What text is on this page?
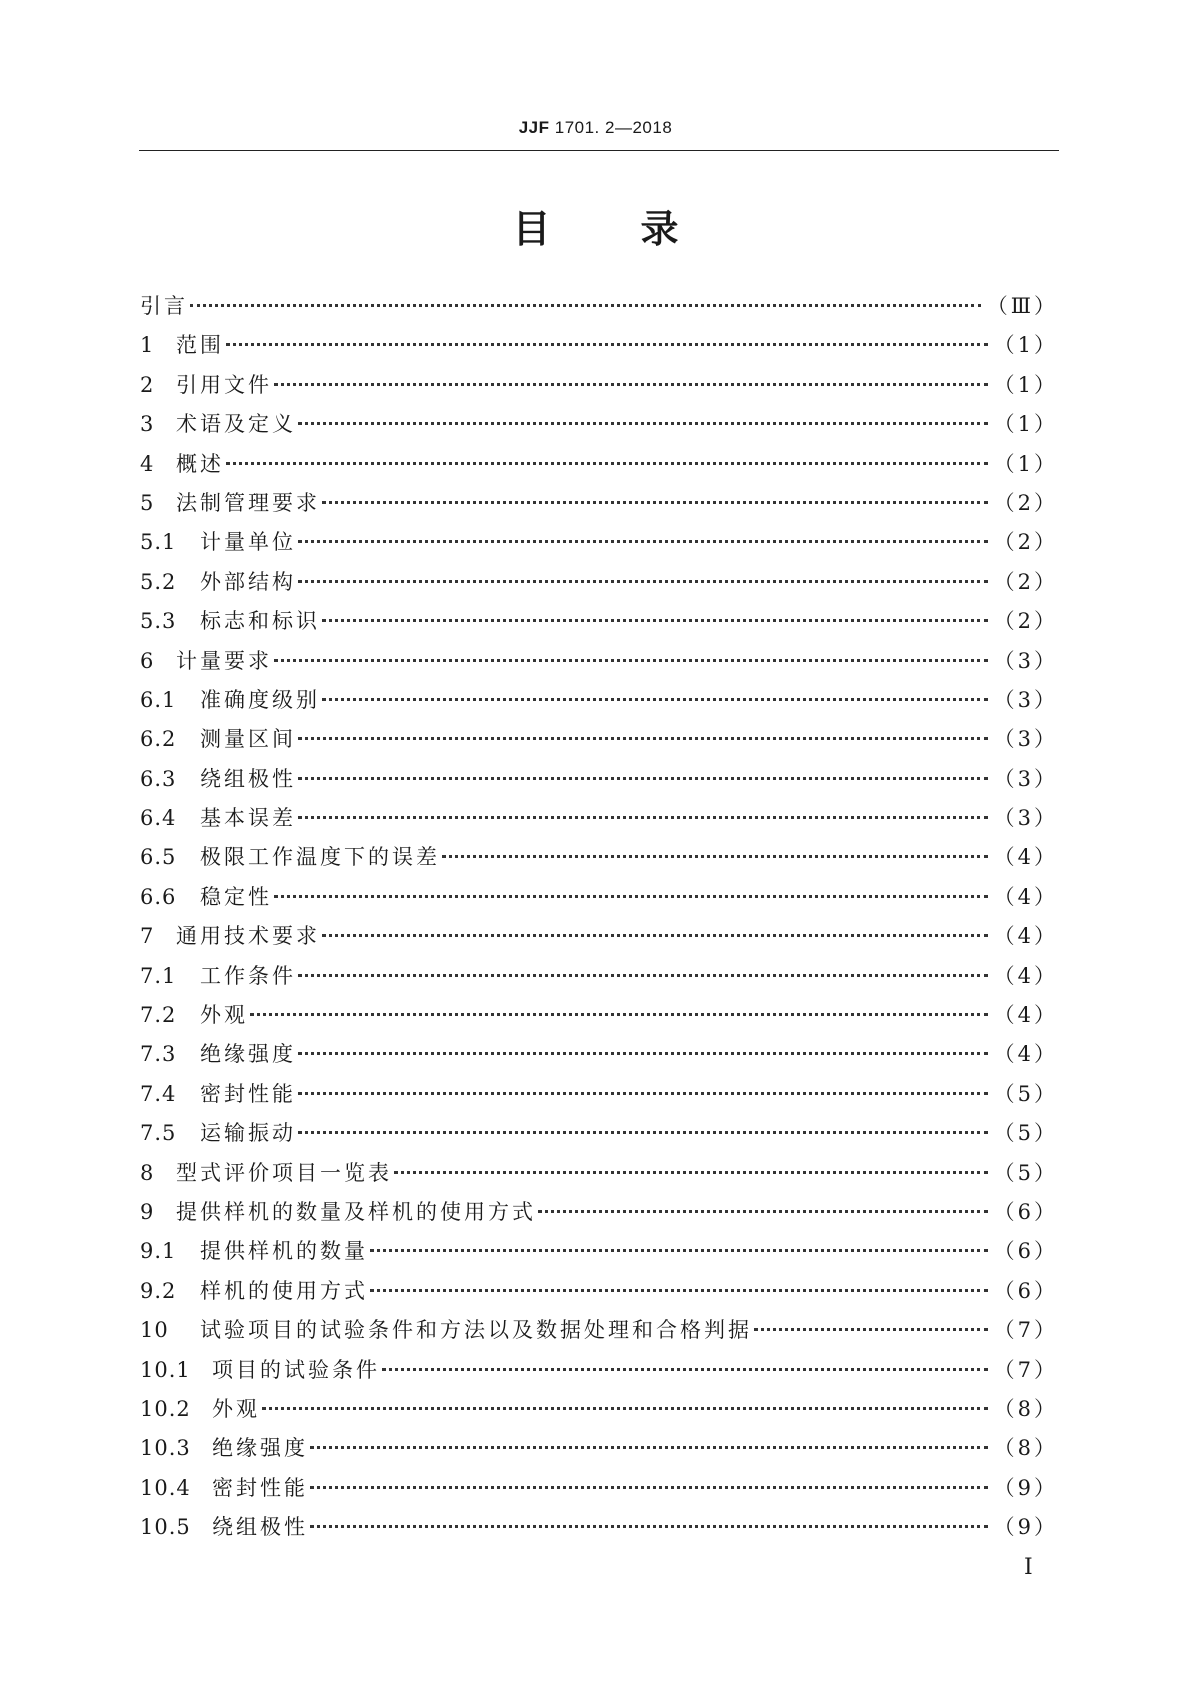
JJF 1701. 2—2018
目 录
引言	（Ⅲ）
1	范围	（1）
2	引用文件	（1）
3	术语及定义	（1）
4	概述	（1）
5	法制管理要求	（2）
5.1	计量单位	（2）
5.2	外部结构	（2）
5.3	标志和标识	（2）
6	计量要求	（3）
6.1	准确度级别	（3）
6.2	测量区间	（3）
6.3	绕组极性	（3）
6.4	基本误差	（3）
6.5	极限工作温度下的误差	（4）
6.6	稳定性	（4）
7	通用技术要求	（4）
7.1	工作条件	（4）
7.2	外观	（4）
7.3	绝缘强度	（4）
7.4	密封性能	（5）
7.5	运输振动	（5）
8	型式评价项目一览表	（5）
9	提供样机的数量及样机的使用方式	（6）
9.1	提供样机的数量	（6）
9.2	样机的使用方式	（6）
10	试验项目的试验条件和方法以及数据处理和合格判据	（7）
10.1	项目的试验条件	（7）
10.2	外观	（8）
10.3	绝缘强度	（8）
10.4	密封性能	（9）
10.5	绕组极性	（9）
Ⅰ
